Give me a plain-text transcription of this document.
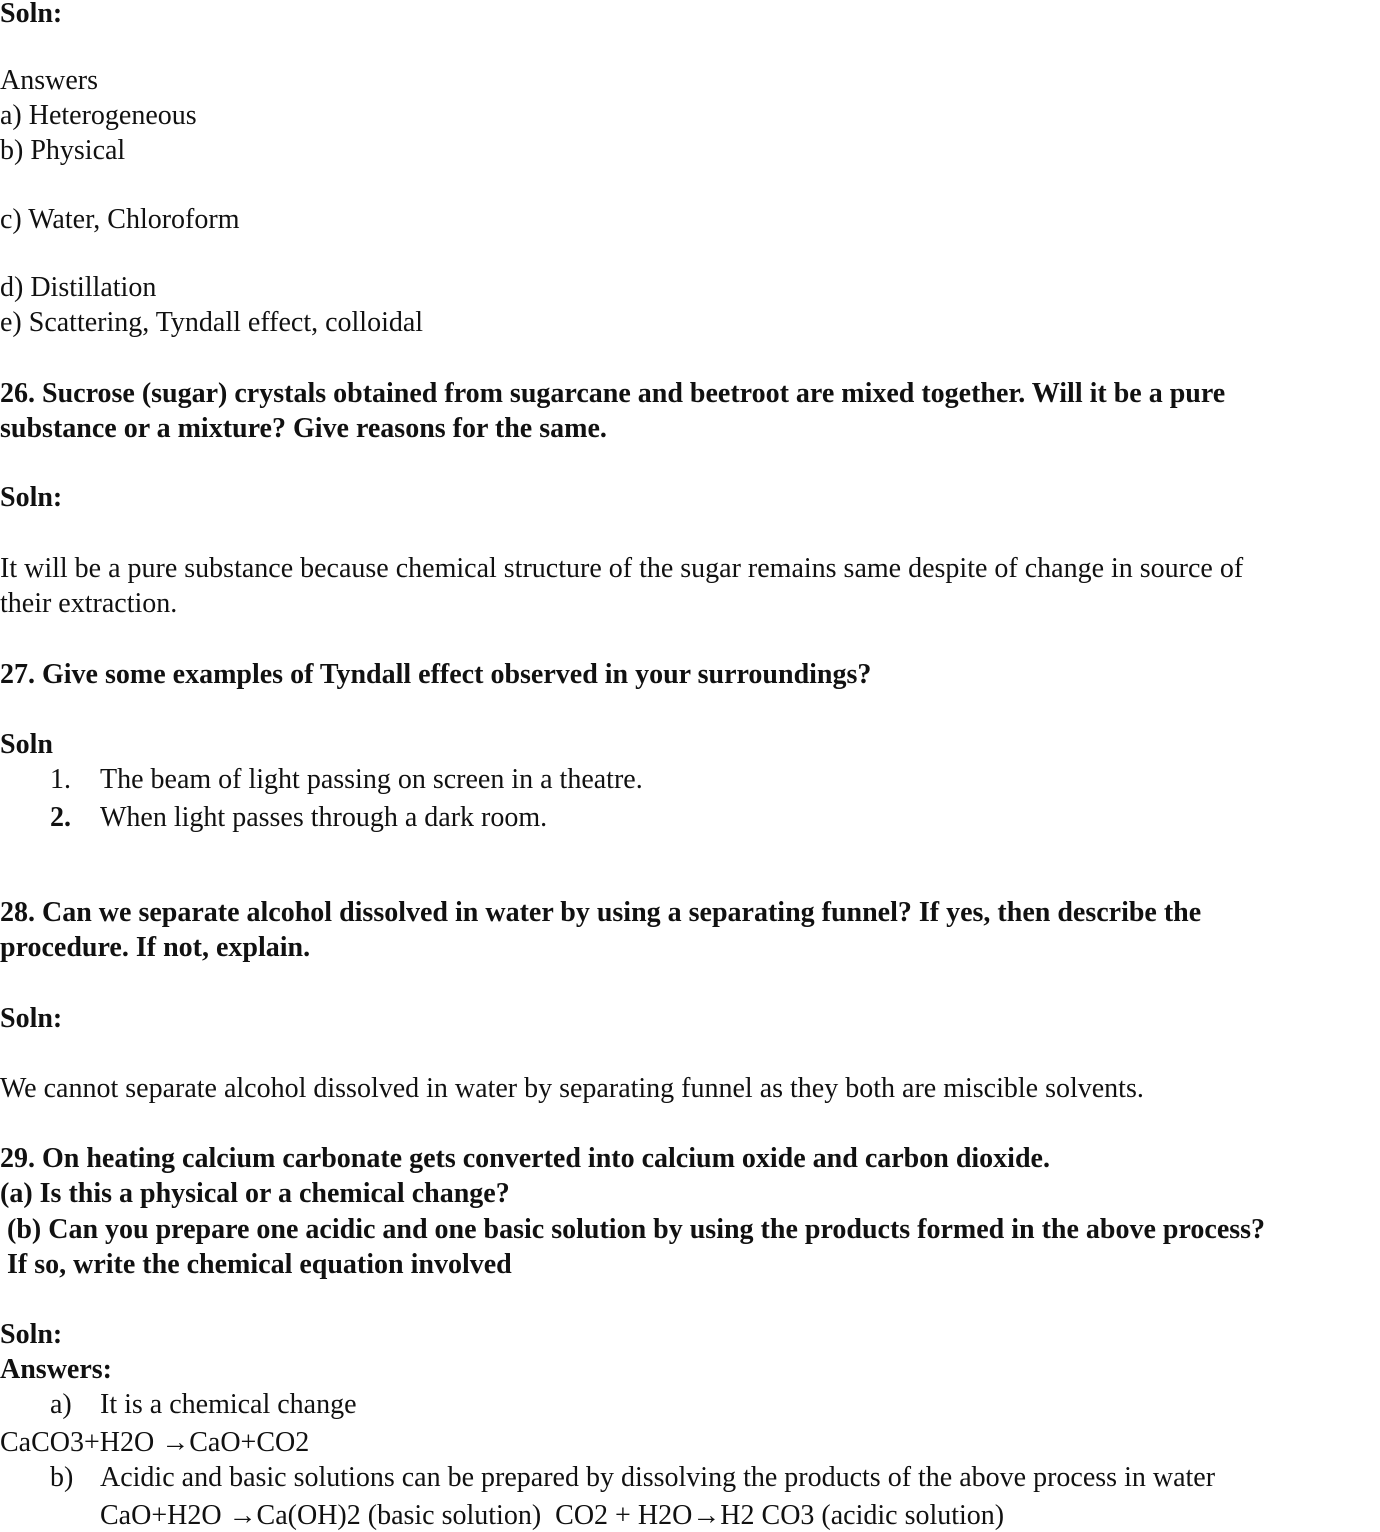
Soln:
Answers
a) Heterogeneous
b) Physical
c) Water, Chloroform
d) Distillation
e) Scattering, Tyndall effect, colloidal
26. Sucrose (sugar) crystals obtained from sugarcane and beetroot are mixed together. Will it be a pure
substance or a mixture? Give reasons for the same.
Soln:
It will be a pure substance because chemical structure of the sugar remains same despite of change in source of
their extraction.
27. Give some examples of Tyndall effect observed in your surroundings?
Soln
1. The beam of light passing on screen in a theatre.
2. When light passes through a dark room.
28. Can we separate alcohol dissolved in water by using a separating funnel? If yes, then describe the
procedure. If not, explain.
Soln:
We cannot separate alcohol dissolved in water by separating funnel as they both are miscible solvents.
29. On heating calcium carbonate gets converted into calcium oxide and carbon dioxide.
(a) Is this a physical or a chemical change?
(b) Can you prepare one acidic and one basic solution by using the products formed in the above process?
If so, write the chemical equation involved
Soln:
Answers:
a) It is a chemical change
CaCO3+H2O →CaO+CO2
b) Acidic and basic solutions can be prepared by dissolving the products of the above process in water
CaO+H2O →Ca(OH)2 (basic solution)  CO2 + H2O→H2 CO3 (acidic solution)
